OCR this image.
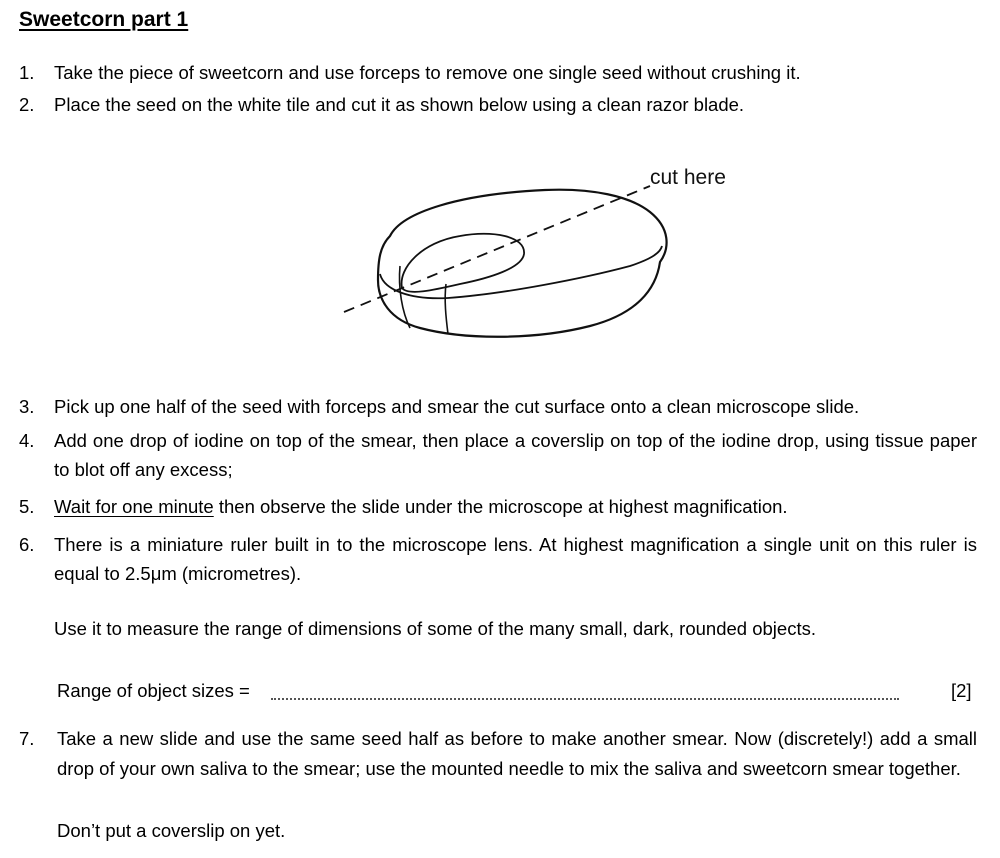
Sweetcorn part 1
1. Take the piece of sweetcorn and use forceps to remove one single seed without crushing it.
2. Place the seed on the white tile and cut it as shown below using a clean razor blade.
cut here
3. Pick up one half of the seed with forceps and smear the cut surface onto a clean microscope slide.
4. Add one drop of iodine on top of the smear, then place a coverslip on top of the iodine drop, using tissue paper to blot off any excess;
5. Wait for one minute then observe the slide under the microscope at highest magnification.
6. There is a miniature ruler built in to the microscope lens. At highest magnification a single unit on this ruler is equal to 2.5μm (micrometres).
Use it to measure the range of dimensions of some of the many small, dark, rounded objects.
Range of object sizes =	[2]
7. Take a new slide and use the same seed half as before to make another smear. Now (discretely!) add a small drop of your own saliva to the smear; use the mounted needle to mix the saliva and sweetcorn smear together.
Don’t put a coverslip on yet.
